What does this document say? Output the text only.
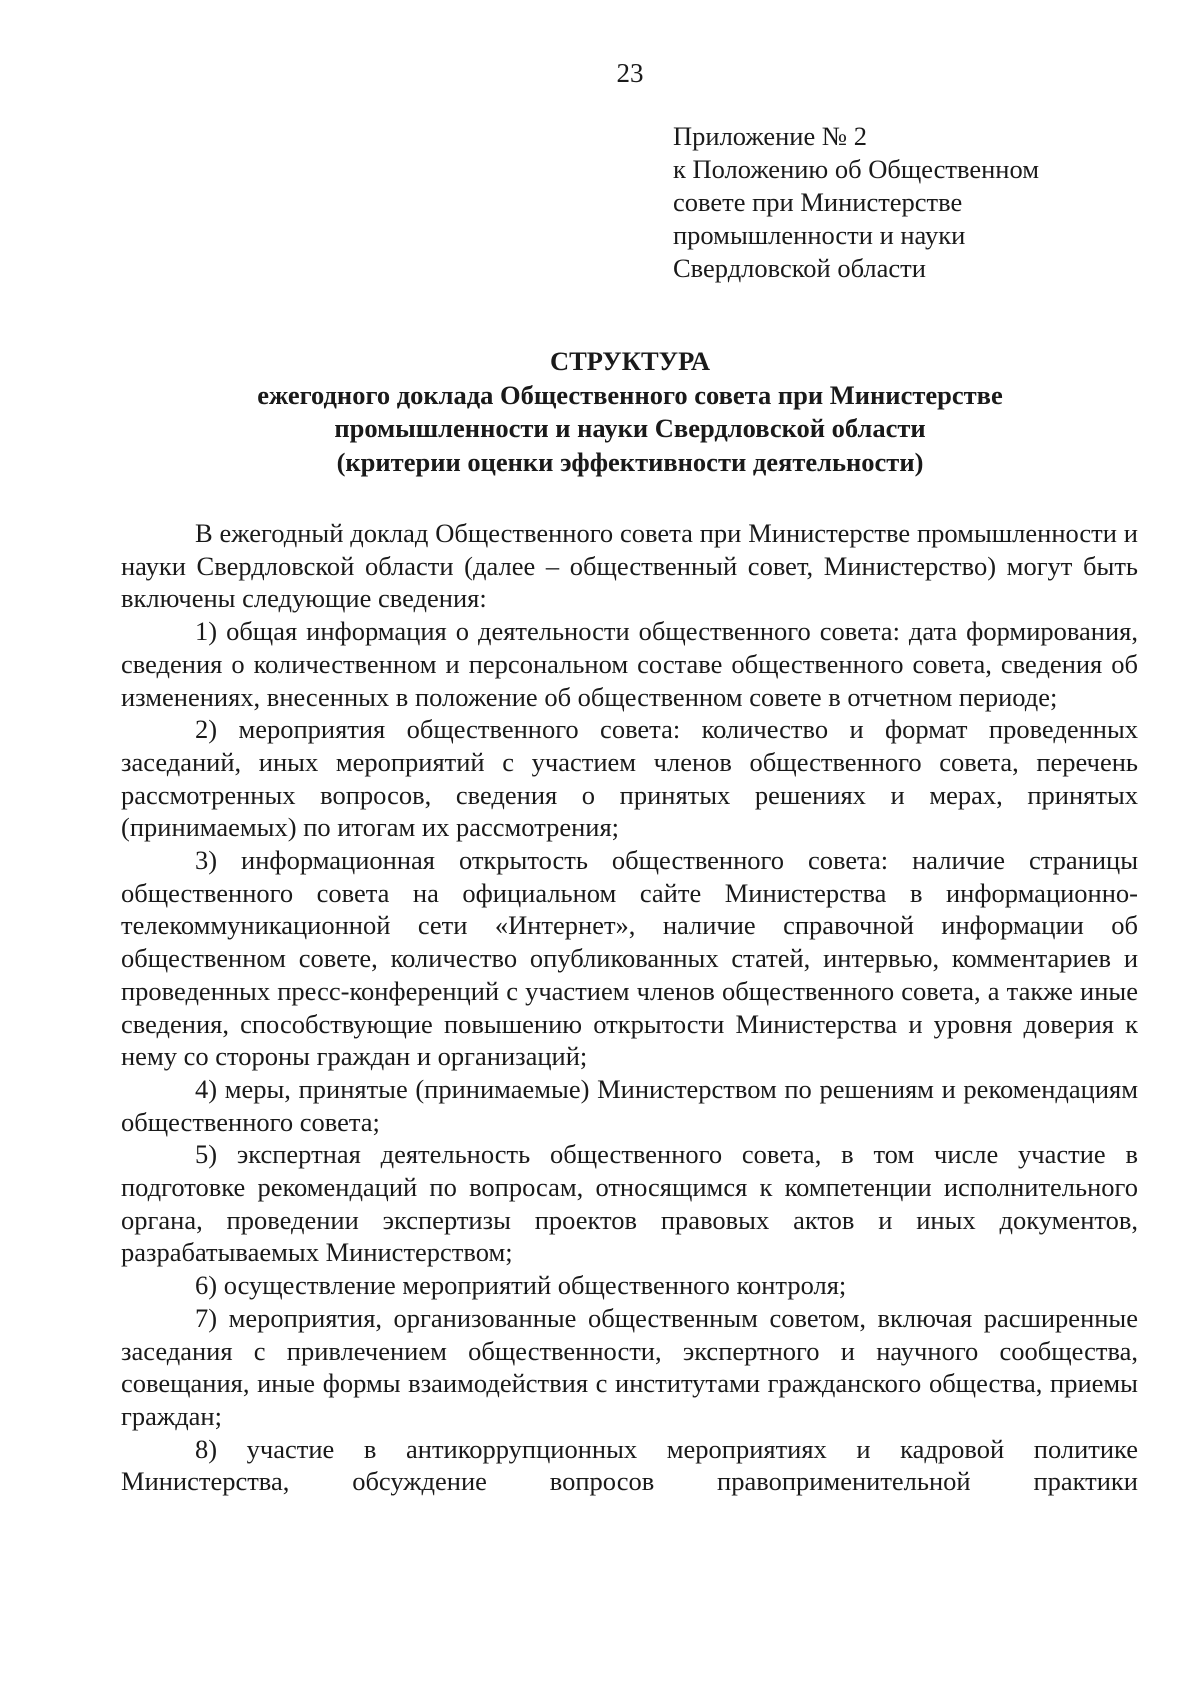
23
Приложение № 2
к Положению об Общественном
совете при Министерстве
промышленности и науки
Свердловской области
СТРУКТУРА
ежегодного доклада Общественного совета при Министерстве
промышленности и науки Свердловской области
(критерии оценки эффективности деятельности)

В ежегодный доклад Общественного совета при Министерстве промышленности и науки Свердловской области (далее – общественный совет, Министерство) могут быть включены следующие сведения:

1) общая информация о деятельности общественного совета: дата формирования, сведения о количественном и персональном составе общественного совета, сведения об изменениях, внесенных в положение об общественном совете в отчетном периоде;

2) мероприятия общественного совета: количество и формат проведенных заседаний, иных мероприятий с участием членов общественного совета, перечень рассмотренных вопросов, сведения о принятых решениях и мерах, принятых (принимаемых) по итогам их рассмотрения;

3) информационная открытость общественного совета: наличие страницы общественного совета на официальном сайте Министерства в информационно-телекоммуникационной сети «Интернет», наличие справочной информации об общественном совете, количество опубликованных статей, интервью, комментариев и проведенных пресс-конференций с участием членов общественного совета, а также иные сведения, способствующие повышению открытости Министерства и уровня доверия к нему со стороны граждан и организаций;

4) меры, принятые (принимаемые) Министерством по решениям и рекомендациям общественного совета;

5) экспертная деятельность общественного совета, в том числе участие в подготовке рекомендаций по вопросам, относящимся к компетенции исполнительного органа, проведении экспертизы проектов правовых актов и иных документов, разрабатываемых Министерством;

6) осуществление мероприятий общественного контроля;

7) мероприятия, организованные общественным советом, включая расширенные заседания с привлечением общественности, экспертного и научного сообщества, совещания, иные формы взаимодействия с институтами гражданского общества, приемы граждан;

8) участие в антикоррупционных мероприятиях и кадровой политике Министерства, обсуждение вопросов правоприменительной практики
